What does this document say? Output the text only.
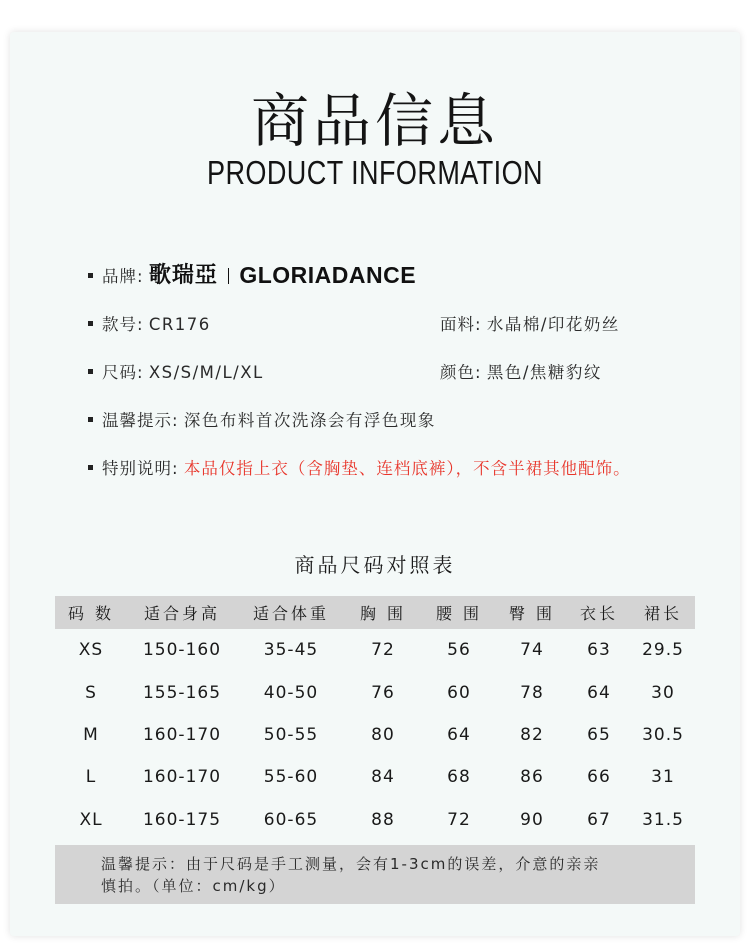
商品信息
PRODUCT INFORMATION
品牌: 歌瑞亞 GLORIADANCE
款号: CR176	面料: 水晶棉/印花奶丝
尺码: XS/S/M/L/XL	颜色: 黑色/焦糖豹纹
温馨提示: 深色布料首次洗涤会有浮色现象
特别说明: 本品仅指上衣（含胸垫、连档底裤），不含半裙其他配饰。
商品尺码对照表
码 数	适合身高	适合体重	胸 围	腰 围	臀 围	衣长	裙长
XS	150-160	35-45	72	56	74	63	29.5
S	155-165	40-50	76	60	78	64	30
M	160-170	50-55	80	64	82	65	30.5
L	160-170	55-60	84	68	86	66	31
XL	160-175	60-65	88	72	90	67	31.5
温馨提示：由于尺码是手工测量，会有1-3cm的误差，介意的亲亲
慎拍。（单位：cm/kg）
